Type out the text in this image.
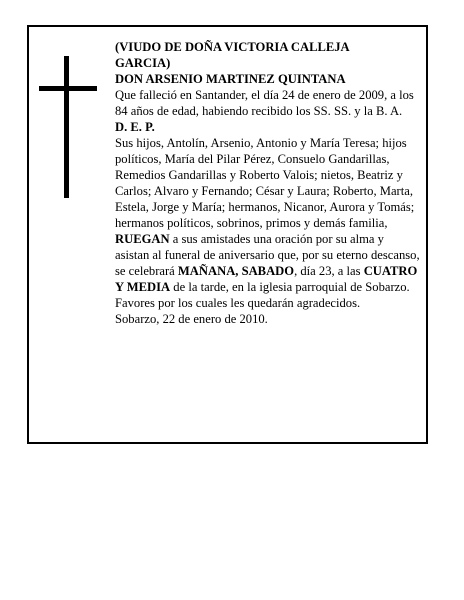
(VIUDO DE DOÑA VICTORIA CALLEJA

GARCIA)

DON ARSENIO MARTINEZ QUINTANA

Que falleció en Santander, el día 24 de enero de 2009, a los 84 años de edad, habiendo recibido los SS. SS. y la B. A.

D. E. P.

Sus hijos, Antolín, Arsenio, Antonio y María Teresa; hijos políticos, María del Pilar Pérez, Consuelo Gandarillas, Remedios Gandarillas y Roberto Valois; nietos, Beatriz y Carlos; Alvaro y Fernando; César y Laura; Roberto, Marta, Estela, Jorge y María; hermanos, Nicanor, Aurora y Tomás; hermanos políticos, sobrinos, primos y demás familia,

RUEGAN a sus amistades una oración por su alma y asistan al funeral de aniversario que, por su eterno descanso, se celebrará MAÑANA, SABADO, día 23, a las CUATRO Y MEDIA de la tarde, en la iglesia parroquial de Sobarzo. Favores por los cuales les quedarán agradecidos.

Sobarzo, 22 de enero de 2010.
